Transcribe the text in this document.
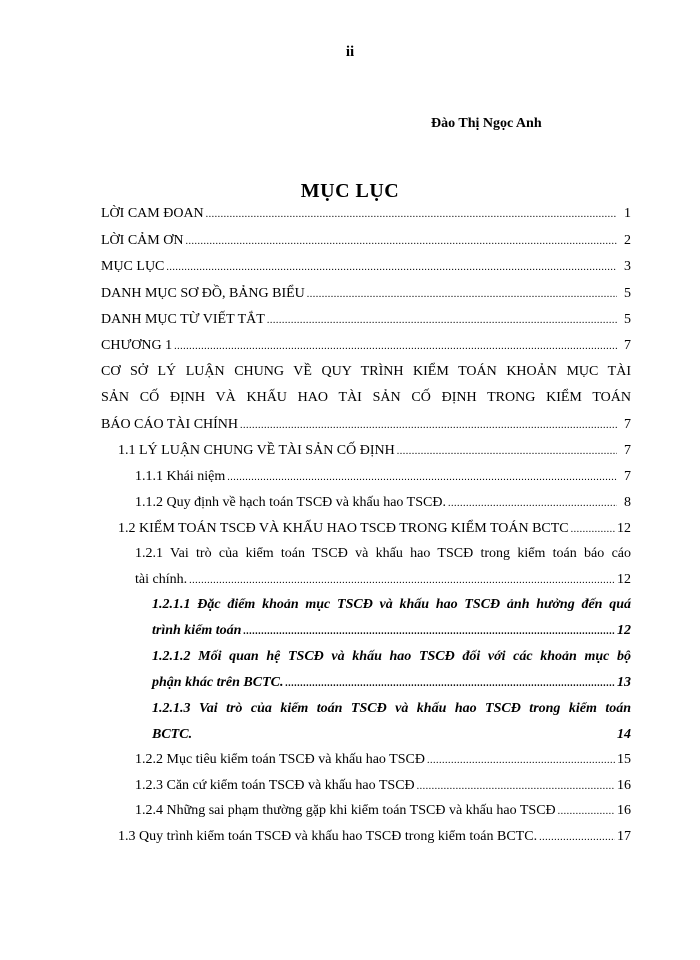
ii
Đào Thị Ngọc Anh
MỤC LỤC
LỜI CAM ĐOAN .....	1
LỜI CẢM ƠN .....	2
MỤC LỤC .....	3
DANH MỤC SƠ ĐỒ, BẢNG BIỂU .....	5
DANH MỤC TỪ VIẾT TẮT .....	5
CHƯƠNG 1 .....	7
CƠ SỞ LÝ LUẬN CHUNG VỀ QUY TRÌNH KIỂM TOÁN KHOẢN MỤC TÀI
SẢN CỐ ĐỊNH VÀ KHẤU HAO TÀI SẢN CỐ ĐỊNH TRONG KIỂM TOÁN
BÁO CÁO TÀI CHÍNH .....	7
1.1 LÝ LUẬN CHUNG VỀ TÀI SẢN CỐ ĐỊNH .....	7
1.1.1 Khái niệm .....	7
1.1.2 Quy định về hạch toán TSCĐ và khấu hao TSCĐ. .....	8
1.2 KIỂM TOÁN TSCĐ VÀ KHẤU HAO TSCĐ TRONG KIỂM TOÁN BCTC .....	12
1.2.1 Vai trò của kiểm toán TSCĐ và khấu hao TSCĐ trong kiểm toán báo cáo
tài chính. .....	12
1.2.1.1 Đặc điểm khoản mục TSCĐ và khấu hao TSCĐ ảnh hưởng đến quá
trình kiểm toán .....	12
1.2.1.2 Mối quan hệ TSCĐ và khấu hao TSCĐ đối với các khoản mục bộ
phận khác trên BCTC. .....	13
1.2.1.3 Vai trò của kiểm toán TSCĐ và khấu hao TSCĐ trong kiểm toán
BCTC.	14
1.2.2 Mục tiêu kiểm toán TSCĐ và khấu hao TSCĐ .....	15
1.2.3 Căn cứ kiểm toán TSCĐ và khấu hao TSCĐ .....	16
1.2.4 Những sai phạm thường gặp khi kiểm toán TSCĐ và khấu hao TSCĐ .....	16
1.3 Quy trình kiểm toán TSCĐ và khấu hao TSCĐ trong kiểm toán BCTC. .....	17
